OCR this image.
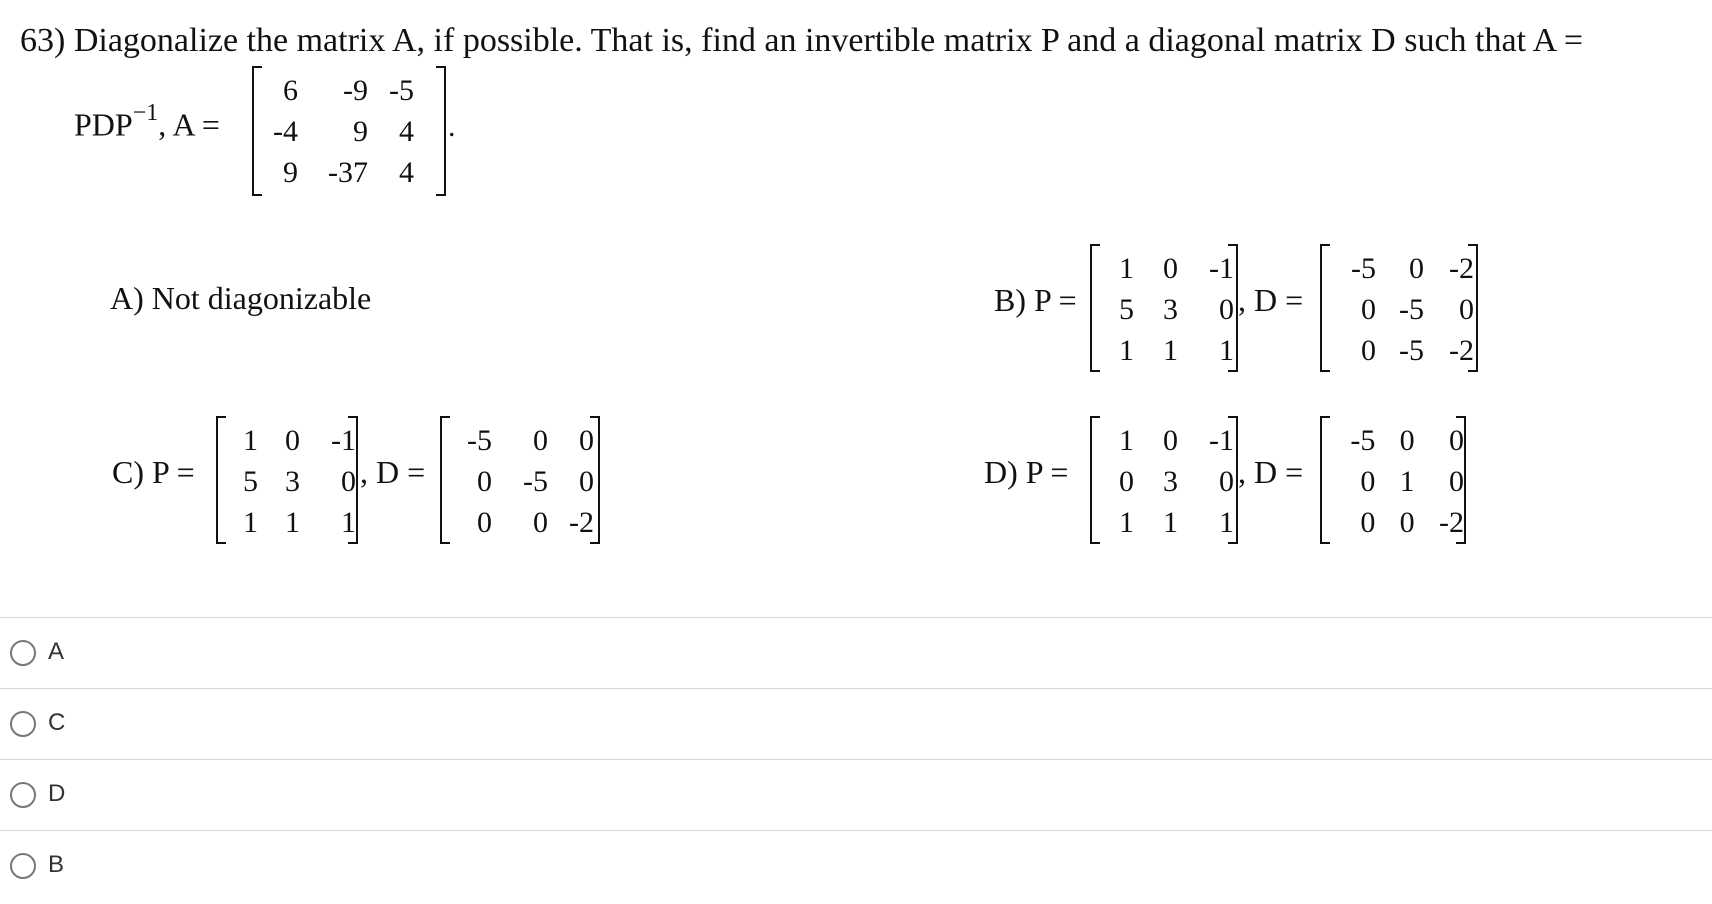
63) Diagonalize the matrix A, if possible. That is, find an invertible matrix P and a diagonal matrix D such that A =
$PDP^{-1}$, A =
6	-9	-5
-4	9	4
9	-37	4
.
A) Not diagonizable	B) P =
1	0	-1
5	3	0
1	1	1
, D =
-5	0	-2
0	-5	0
0	-5	-2
C) P =
1	0	-1
5	3	0
1	1	1
, D =
-5	0	0
0	-5	0
0	0	-2
D) P =
1	0	-1
0	3	0
1	1	1
, D =
-5	0	0
0	1	0
0	0	-2
A
C
D
B
